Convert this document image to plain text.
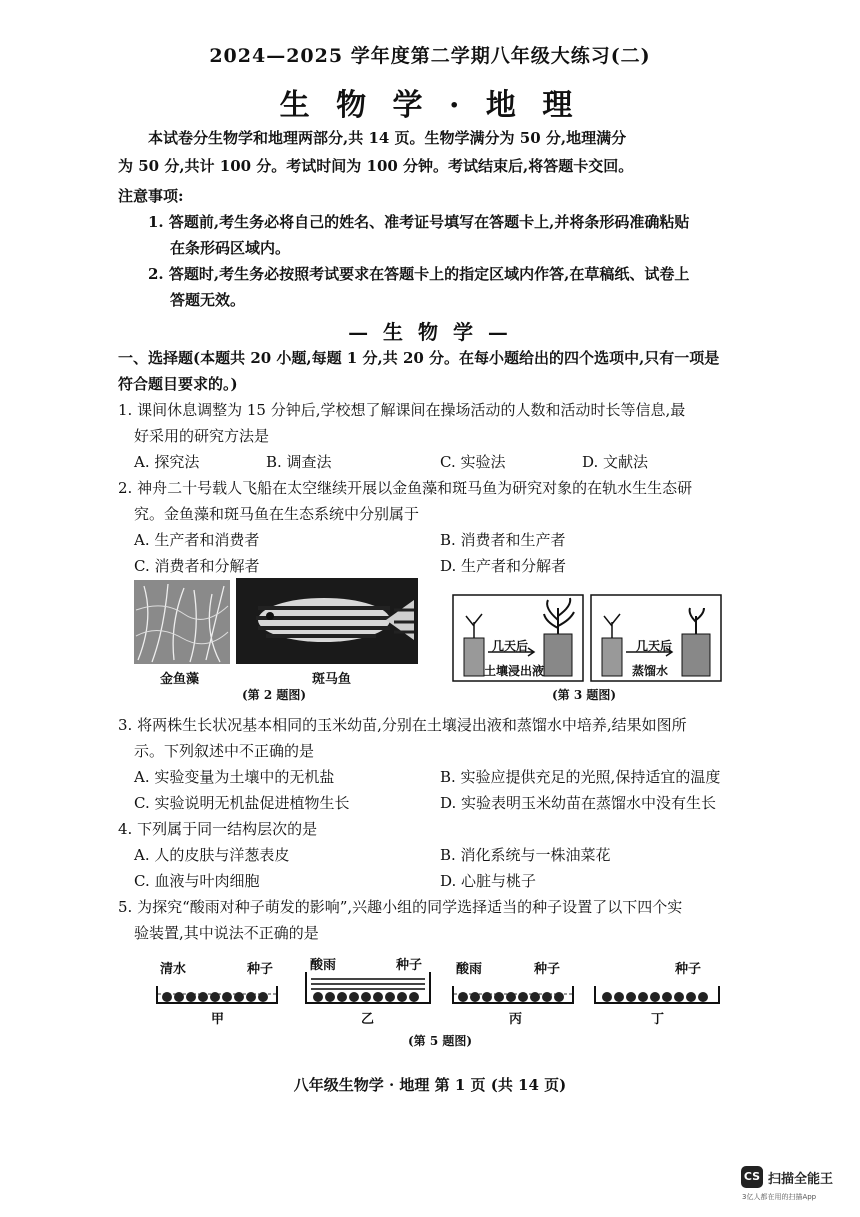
2024—2025 学年度第二学期八年级大练习(二)
生 物 学 · 地 理
本试卷分生物学和地理两部分,共 14 页。生物学满分为 50 分,地理满分
为 50 分,共计 100 分。考试时间为 100 分钟。考试结束后,将答题卡交回。
注意事项:
1. 答题前,考生务必将自己的姓名、准考证号填写在答题卡上,并将条形码准确粘贴
在条形码区域内。
2. 答题时,考生务必按照考试要求在答题卡上的指定区域内作答,在草稿纸、试卷上
答题无效。
— 生 物 学 —
一、选择题(本题共 20 小题,每题 1 分,共 20 分。在每小题给出的四个选项中,只有一项是
符合题目要求的。)
1. 课间休息调整为 15 分钟后,学校想了解课间在操场活动的人数和活动时长等信息,最
好采用的研究方法是
A. 探究法	B. 调查法	C. 实验法	D. 文献法
2. 神舟二十号载人飞船在太空继续开展以金鱼藻和斑马鱼为研究对象的在轨水生生态研
究。金鱼藻和斑马鱼在生态系统中分别属于
A. 生产者和消费者	B. 消费者和生产者
C. 消费者和分解者	D. 生产者和分解者
金鱼藻	斑马鱼
(第 2 题图)
几天后
土壤浸出液
几天后
蒸馏水
(第 3 题图)
3. 将两株生长状况基本相同的玉米幼苗,分别在土壤浸出液和蒸馏水中培养,结果如图所
示。下列叙述中不正确的是
A. 实验变量为土壤中的无机盐	B. 实验应提供充足的光照,保持适宜的温度
C. 实验说明无机盐促进植物生长	D. 实验表明玉米幼苗在蒸馏水中没有生长
4. 下列属于同一结构层次的是
A. 人的皮肤与洋葱表皮	B. 消化系统与一株油菜花
C. 血液与叶肉细胞	D. 心脏与桃子
5. 为探究“酸雨对种子萌发的影响”,兴趣小组的同学选择适当的种子设置了以下四个实
验装置,其中说法不正确的是
清水	种子
甲
酸雨	种子
乙
酸雨	种子
丙
种子
丁
(第 5 题图)
八年级生物学 · 地理 第 1 页 (共 14 页)
CS 扫描全能王
3亿人都在用的扫描App
